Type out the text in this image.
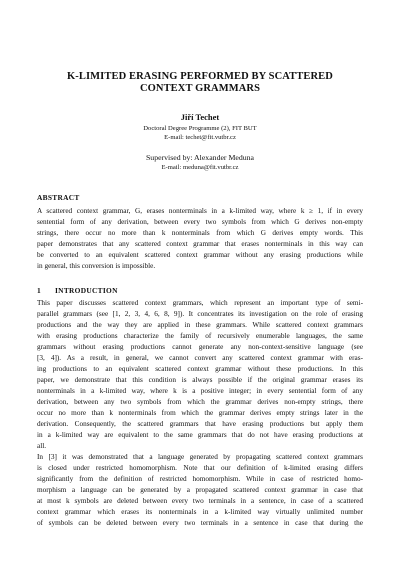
K-LIMITED ERASING PERFORMED BY SCATTERED
CONTEXT GRAMMARS
Jiří Techet
Doctoral Degree Programme (2), FIT BUT
E-mail: techet@fit.vutbr.cz
Supervised by: Alexander Meduna
E-mail: meduna@fit.vutbr.cz
ABSTRACT
A scattered context grammar, G, erases nonterminals in a k-limited way, where k ≥ 1, if in every
sentential form of any derivation, between every two symbols from which G derives non-empty
strings, there occur no more than k nonterminals from which G derives empty words. This
paper demonstrates that any scattered context grammar that erases nonterminals in this way can
be converted to an equivalent scattered context grammar without any erasing productions while
in general, this conversion is impossible.
1 INTRODUCTION
This paper discusses scattered context grammars, which represent an important type of semi-
parallel grammars (see [1, 2, 3, 4, 6, 8, 9]). It concentrates its investigation on the role of erasing
productions and the way they are applied in these grammars. While scattered context grammars
with erasing productions characterize the family of recursively enumerable languages, the same
grammars without erasing productions cannot generate any non-context-sensitive language (see
[3, 4]). As a result, in general, we cannot convert any scattered context grammar with eras-
ing productions to an equivalent scattered context grammar without these productions. In this
paper, we demonstrate that this condition is always possible if the original grammar erases its
nonterminals in a k-limited way, where k is a positive integer; in every sentential form of any
derivation, between any two symbols from which the grammar derives non-empty strings, there
occur no more than k nonterminals from which the grammar derives empty strings later in the
derivation. Consequently, the scattered grammars that have erasing productions but apply them
in a k-limited way are equivalent to the same grammars that do not have erasing productions at
all.
In [3] it was demonstrated that a language generated by propagating scattered context grammars
is closed under restricted homomorphism. Note that our definition of k-limited erasing differs
significantly from the definition of restricted homomorphism. While in case of restricted homo-
morphism a language can be generated by a propagated scattered context grammar in case that
at most k symbols are deleted between every two terminals in a sentence, in case of a scattered
context grammar which erases its nonterminals in a k-limited way virtually unlimited number
of symbols can be deleted between every two terminals in a sentence in case that during the
